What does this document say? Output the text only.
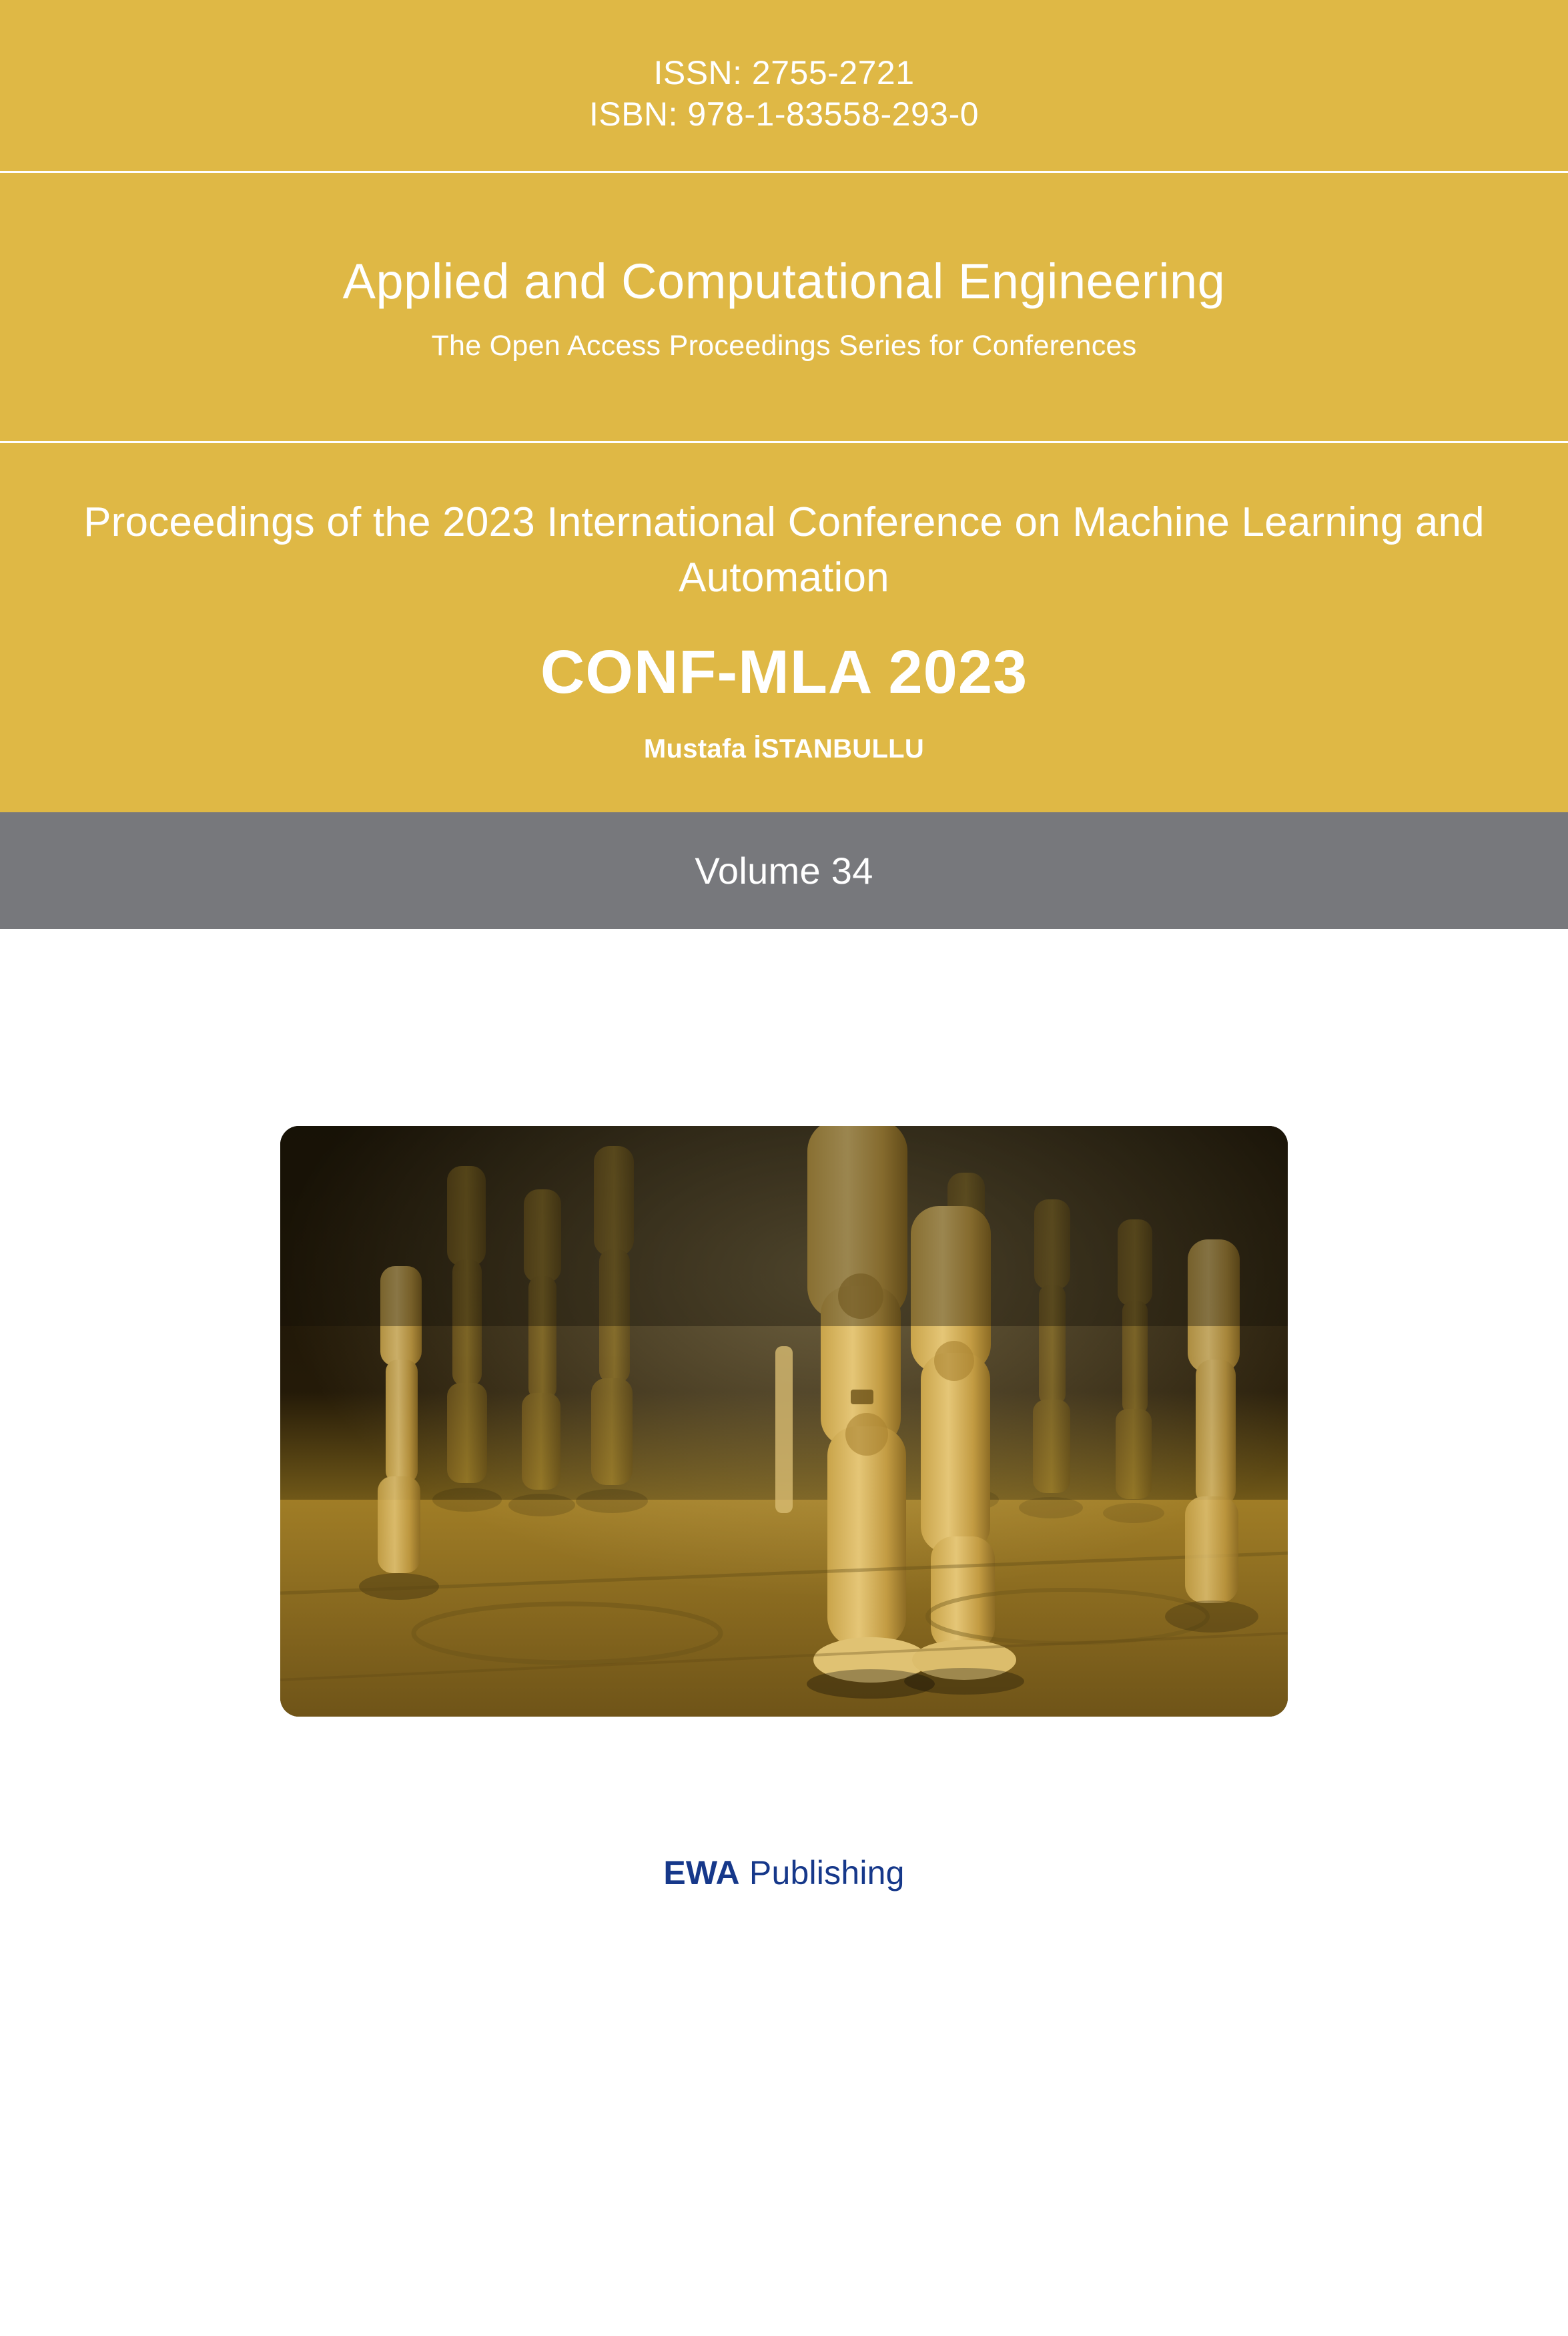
ISSN: 2755-2721
ISBN: 978-1-83558-293-0
Applied and Computational Engineering
The Open Access Proceedings Series for Conferences
Proceedings of the 2023 International Conference on Machine Learning and Automation
CONF-MLA 2023
Mustafa İSTANBULLU
Volume 34
EWA Publishing
